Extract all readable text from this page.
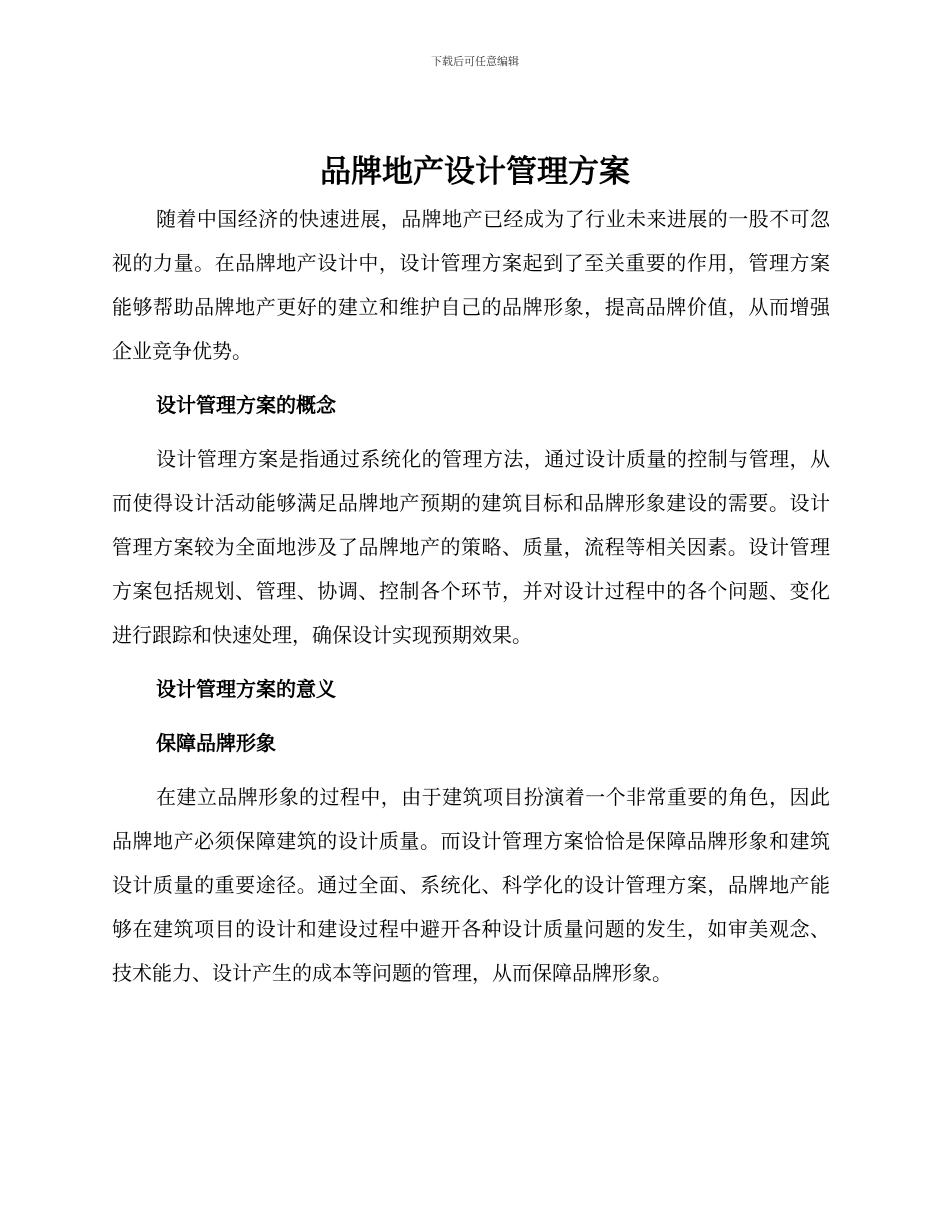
下载后可任意编辑
品牌地产设计管理方案

随着中国经济的快速进展，品牌地产已经成为了行业未来进展的一股不可忽视的力量。在品牌地产设计中，设计管理方案起到了至关重要的作用，管理方案能够帮助品牌地产更好的建立和维护自己的品牌形象，提高品牌价值，从而增强企业竞争优势。

设计管理方案的概念

设计管理方案是指通过系统化的管理方法，通过设计质量的控制与管理，从而使得设计活动能够满足品牌地产预期的建筑目标和品牌形象建设的需要。设计管理方案较为全面地涉及了品牌地产的策略、质量，流程等相关因素。设计管理方案包括规划、管理、协调、控制各个环节，并对设计过程中的各个问题、变化进行跟踪和快速处理，确保设计实现预期效果。

设计管理方案的意义
保障品牌形象

在建立品牌形象的过程中，由于建筑项目扮演着一个非常重要的角色，因此品牌地产必须保障建筑的设计质量。而设计管理方案恰恰是保障品牌形象和建筑设计质量的重要途径。通过全面、系统化、科学化的设计管理方案，品牌地产能够在建筑项目的设计和建设过程中避开各种设计质量问题的发生，如审美观念、技术能力、设计产生的成本等问题的管理，从而保障品牌形象。
